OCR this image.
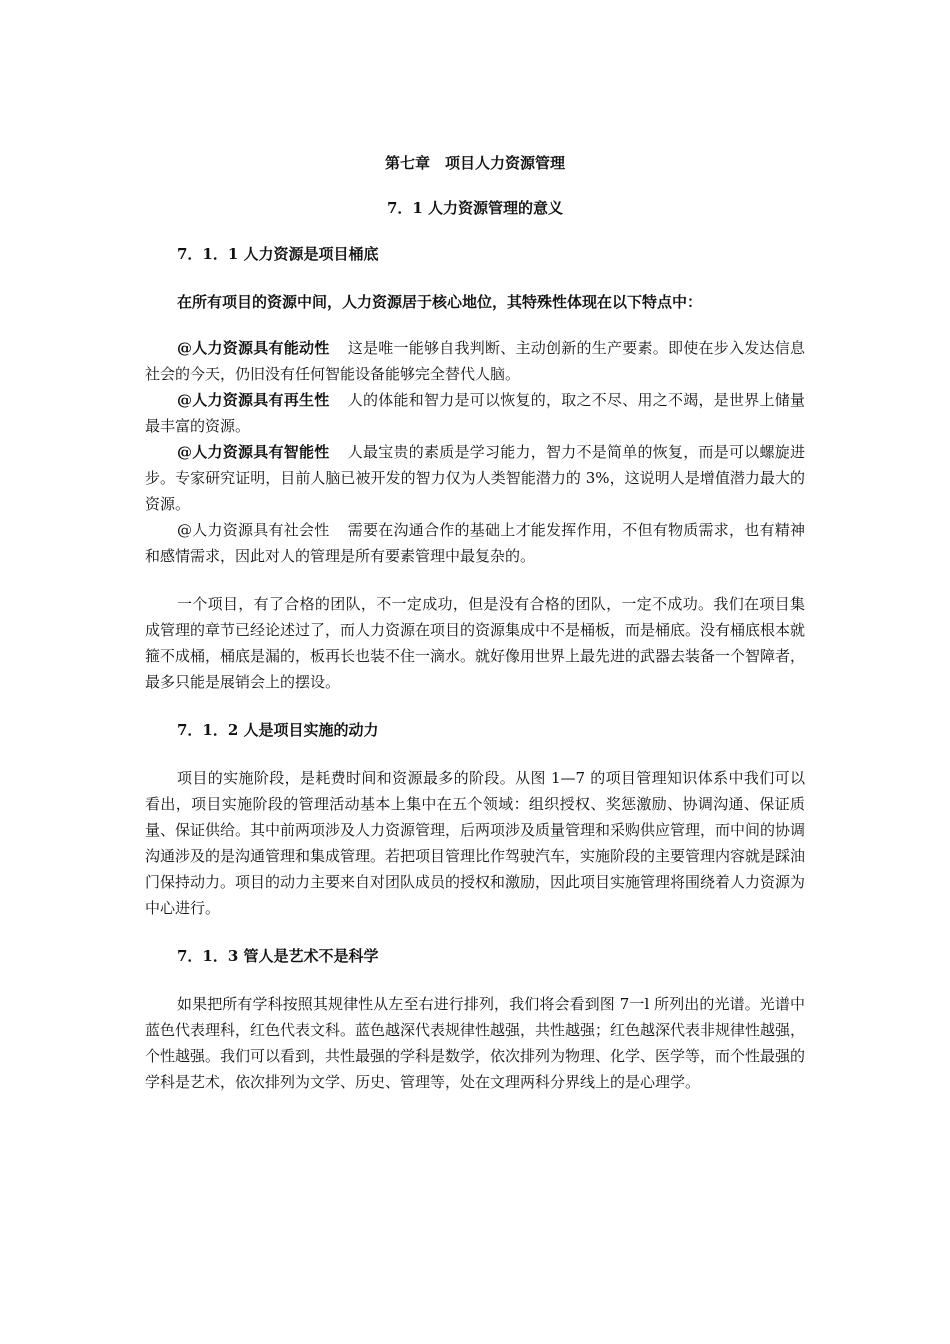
第七章　项目人力资源管理
7．1 人力资源管理的意义
7．1．1 人力资源是项目桶底

在所有项目的资源中间，人力资源居于核心地位，其特殊性体现在以下特点中：

@人力资源具有能动性 这是唯一能够自我判断、主动创新的生产要素。即使在步入发达信息社会的今天，仍旧没有任何智能设备能够完全替代人脑。

@人力资源具有再生性 人的体能和智力是可以恢复的，取之不尽、用之不竭，是世界上储量最丰富的资源。

@人力资源具有智能性 人最宝贵的素质是学习能力，智力不是简单的恢复，而是可以螺旋进步。专家研究证明，目前人脑已被开发的智力仅为人类智能潜力的 3%，这说明人是增值潜力最大的资源。

@人力资源具有社会性 需要在沟通合作的基础上才能发挥作用，不但有物质需求，也有精神和感情需求，因此对人的管理是所有要素管理中最复杂的。

一个项目，有了合格的团队，不一定成功，但是没有合格的团队，一定不成功。我们在项目集成管理的章节已经论述过了，而人力资源在项目的资源集成中不是桶板，而是桶底。没有桶底根本就箍不成桶，桶底是漏的，板再长也装不住一滴水。就好像用世界上最先进的武器去装备一个智障者，最多只能是展销会上的摆设。

7．1．2 人是项目实施的动力

项目的实施阶段，是耗费时间和资源最多的阶段。从图 1—7 的项目管理知识体系中我们可以看出，项目实施阶段的管理活动基本上集中在五个领域：组织授权、奖惩激励、协调沟通、保证质量、保证供给。其中前两项涉及人力资源管理，后两项涉及质量管理和采购供应管理，而中间的协调沟通涉及的是沟通管理和集成管理。若把项目管理比作驾驶汽车，实施阶段的主要管理内容就是踩油门保持动力。项目的动力主要来自对团队成员的授权和激励，因此项目实施管理将围绕着人力资源为中心进行。

7．1．3 管人是艺术不是科学

如果把所有学科按照其规律性从左至右进行排列，我们将会看到图 7一l 所列出的光谱。光谱中蓝色代表理科，红色代表文科。蓝色越深代表规律性越强，共性越强；红色越深代表非规律性越强，个性越强。我们可以看到，共性最强的学科是数学，依次排列为物理、化学、医学等，而个性最强的学科是艺术，依次排列为文学、历史、管理等，处在文理两科分界线上的是心理学。
